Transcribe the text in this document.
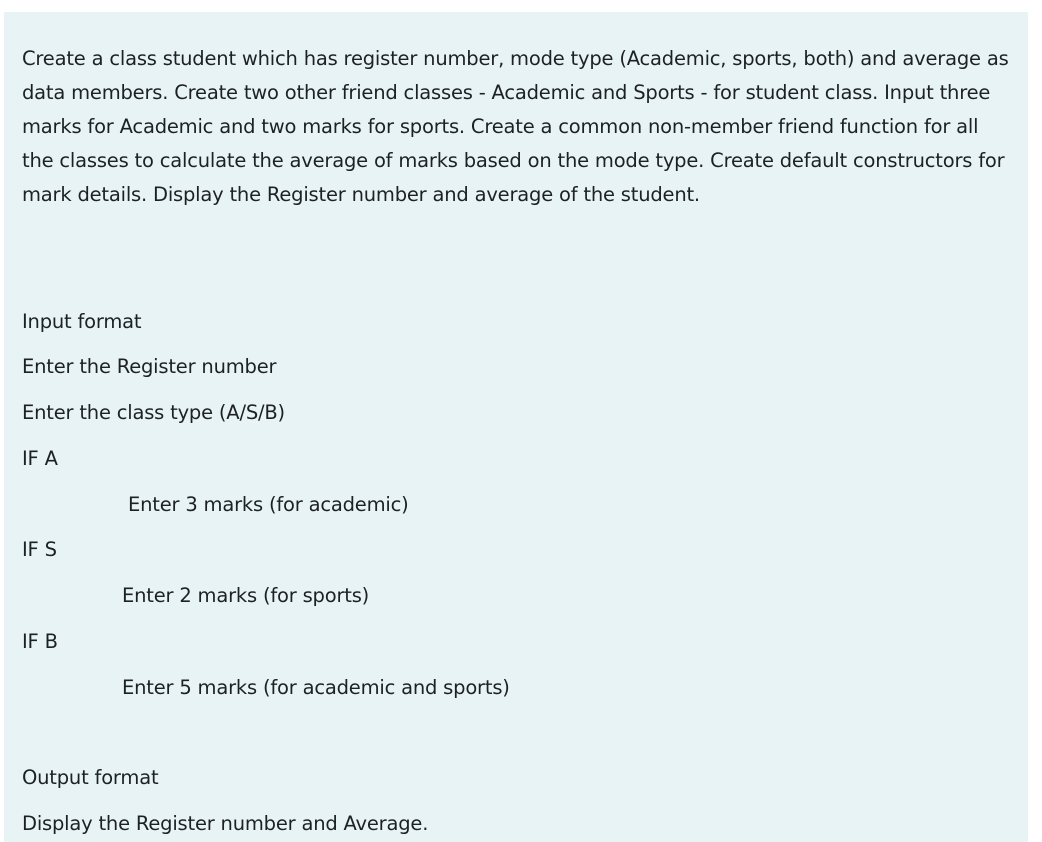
Create a class student which has register number, mode type (Academic, sports, both) and average as data members. Create two other friend classes - Academic and Sports - for student class. Input three marks for Academic and two marks for sports. Create a common non-member friend function for all the classes to calculate the average of marks based on the mode type. Create default constructors for mark details. Display the Register number and average of the student.

Input format

Enter the Register number

Enter the class type (A/S/B)

IF A

Enter 3 marks (for academic)

IF S

Enter 2 marks (for sports)

IF B

Enter 5 marks (for academic and sports)

Output format

Display the Register number and Average.
